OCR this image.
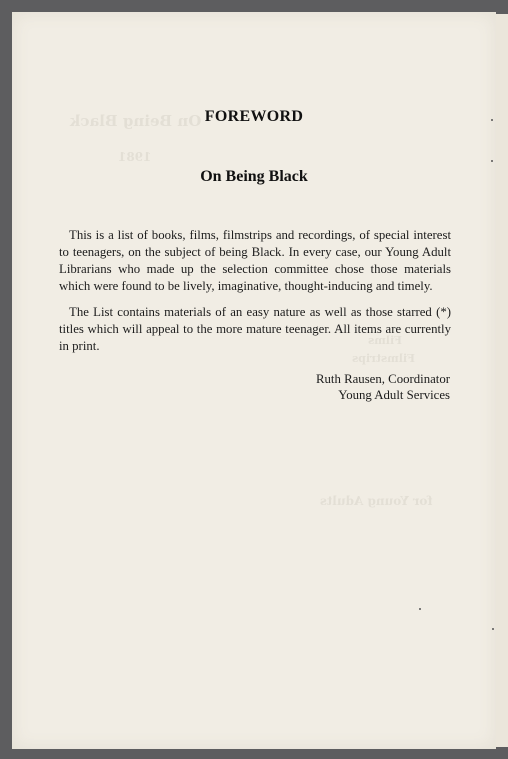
On Being Black
1981
Films
Filmstrips
for Young Adults
FOREWORD
On Being Black

This is a list of books, films, filmstrips and recordings, of special interest to teenagers, on the subject of being Black. In every case, our Young Adult Librarians who made up the selection committee chose those materials which were found to be lively, imaginative, thought-inducing and timely.

The List contains materials of an easy nature as well as those starred (*) titles which will appeal to the more mature teenager. All items are currently in print.

Ruth Rausen, Coordinator
Young Adult Services
